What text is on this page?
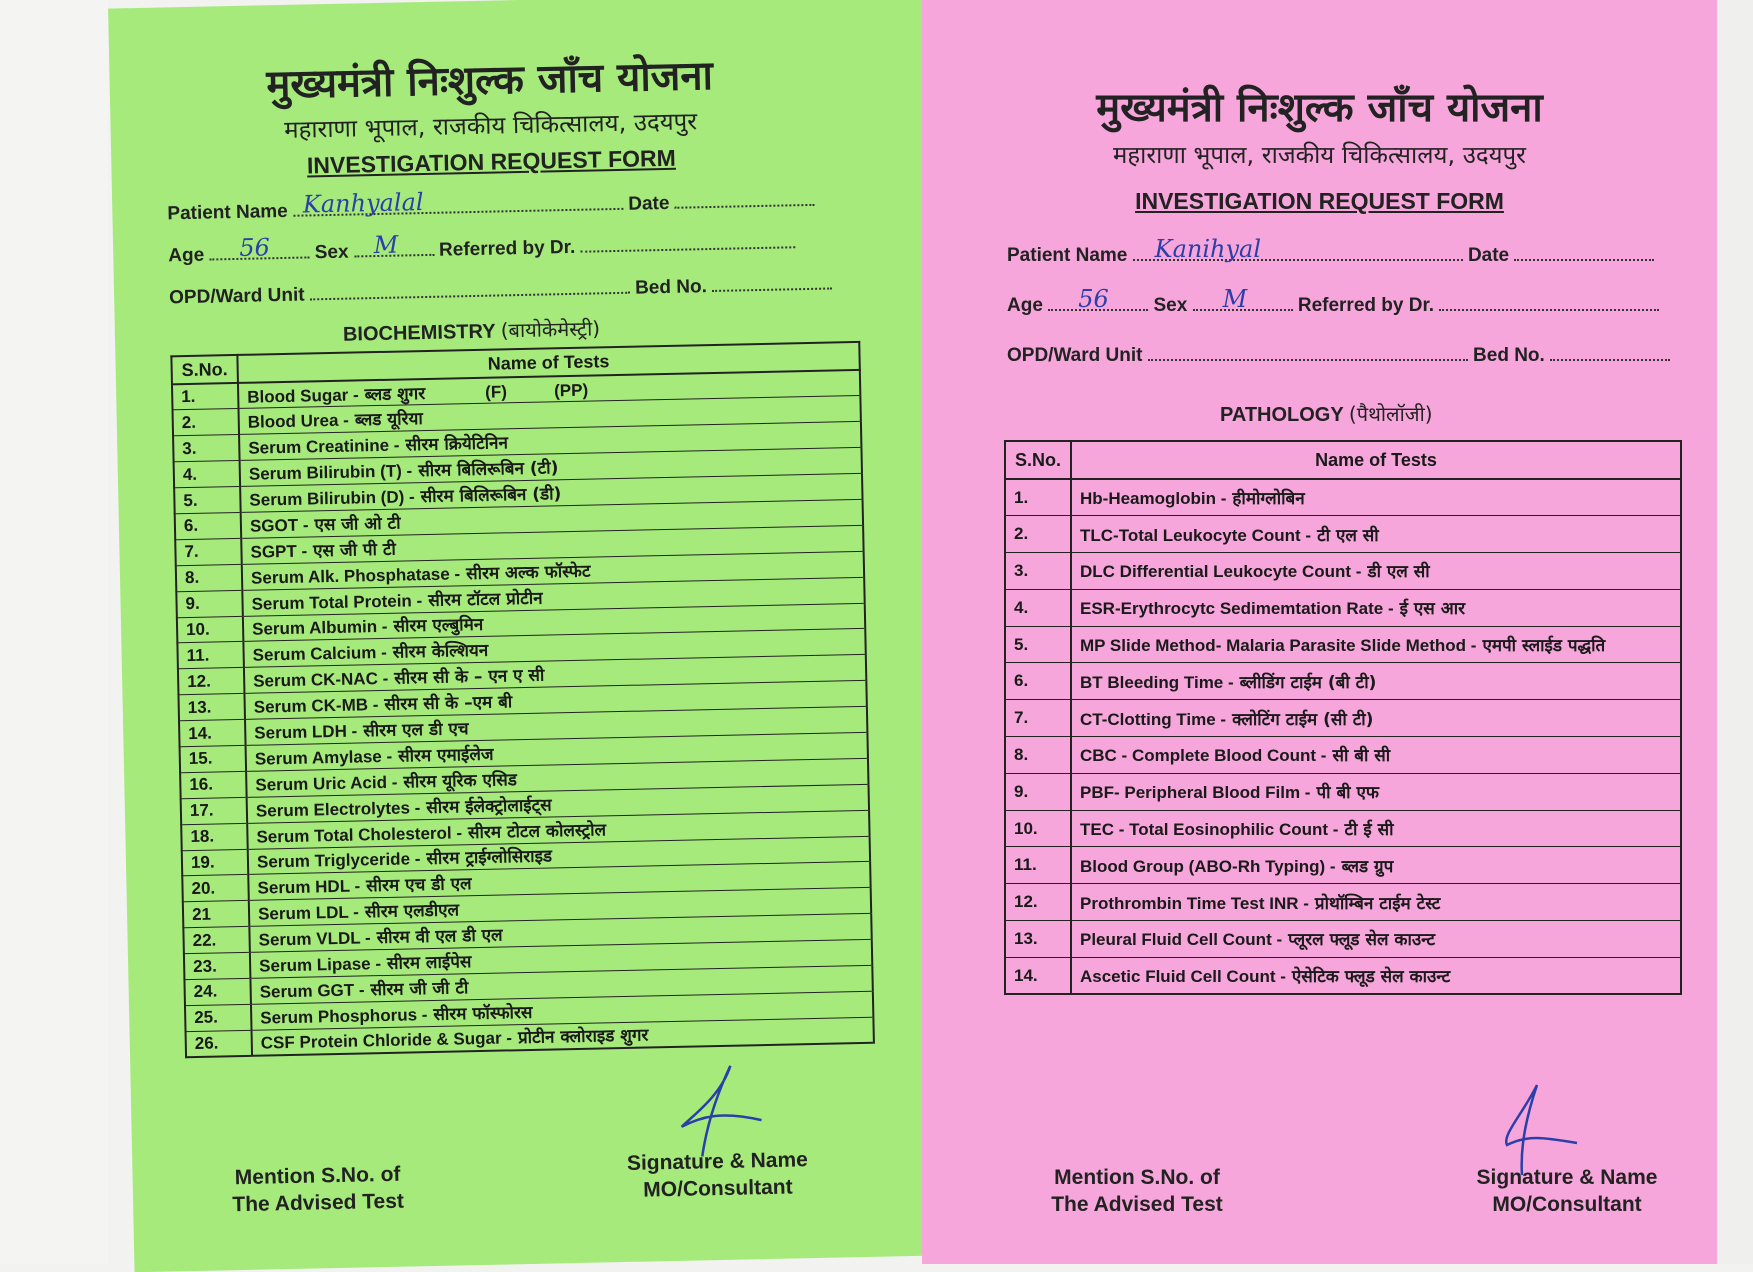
मुख्यमंत्री निःशुल्क जाँच योजना
महाराणा भूपाल, राजकीय चिकित्सालय, उदयपुर
INVESTIGATION REQUEST FORM
Patient Name Kanhyalal	Date
Age 56 Sex M Referred by Dr.
OPD/Ward Unit	Bed No.
BIOCHEMISTRY (बायोकेमेस्ट्री)
S.No.	Name of Tests
1.	Blood Sugar - ब्लड शुगर (F)          (PP)
2.	Blood Urea - ब्लड यूरिया
3.	Serum Creatinine - सीरम क्रियेटिनिन
4.	Serum Bilirubin (T) - सीरम बिलिरूबिन (टी)
5.	Serum Bilirubin (D) - सीरम बिलिरूबिन (डी)
6.	SGOT - एस जी ओ टी
7.	SGPT - एस जी पी टी
8.	Serum Alk. Phosphatase - सीरम अल्क फॉस्फेट
9.	Serum Total Protein - सीरम टॉटल प्रोटीन
10.	Serum Albumin - सीरम एल्बुमिन
11.	Serum Calcium - सीरम केल्शियन
12.	Serum CK-NAC - सीरम सी के – एन ए सी
13.	Serum CK-MB - सीरम सी के –एम बी
14.	Serum LDH - सीरम एल डी एच
15.	Serum Amylase - सीरम एमाईलेज
16.	Serum Uric Acid - सीरम यूरिक एसिड
17.	Serum Electrolytes - सीरम ईलेक्ट्रोलाईट्स
18.	Serum Total Cholesterol - सीरम टोटल कोलस्ट्रोल
19.	Serum Triglyceride - सीरम ट्राईग्लोसिराइड
20.	Serum HDL - सीरम एच डी एल
21	Serum LDL - सीरम एलडीएल
22.	Serum VLDL - सीरम वी एल डी एल
23.	Serum Lipase - सीरम लाईपेस
24.	Serum GGT - सीरम जी जी टी
25.	Serum Phosphorus - सीरम फॉस्फोरस
26.	CSF Protein Chloride & Sugar - प्रोटीन क्लोराइड शुगर
Mention S.No. of
The Advised Test
Signature & Name
MO/Consultant
मुख्यमंत्री निःशुल्क जाँच योजना
महाराणा भूपाल, राजकीय चिकित्सालय, उदयपुर
INVESTIGATION REQUEST FORM
Patient Name Kanihyal	Date
Age 56 Sex M	Referred by Dr.
OPD/Ward Unit	Bed No.
PATHOLOGY (पैथोलॉजी)
S.No.	Name of Tests
1.	Hb-Heamoglobin - हीमोग्लोबिन
2.	TLC-Total Leukocyte Count - टी एल सी
3.	DLC Differential Leukocyte Count - डी एल सी
4.	ESR-Erythrocytc Sedimemtation Rate - ई एस आर
5.	MP Slide Method- Malaria Parasite Slide Method - एमपी स्लाईड पद्धति
6.	BT Bleeding Time - ब्लीडिंग टाईम (बी टी)
7.	CT-Clotting Time - क्लोटिंग टाईम (सी टी)
8.	CBC - Complete Blood Count - सी बी सी
9.	PBF- Peripheral Blood Film - पी बी एफ
10.	TEC - Total Eosinophilic Count - टी ई सी
11.	Blood Group (ABO-Rh Typing) - ब्लड ग्रुप
12.	Prothrombin Time Test INR - प्रोथॉम्बिन टाईम टेस्ट
13.	Pleural Fluid Cell Count - प्लूरल फ्लूड सेल काउन्ट
14.	Ascetic Fluid Cell Count - ऐसेटिक फ्लूड सेल काउन्ट
Mention S.No. of
The Advised Test
Signature & Name
MO/Consultant
